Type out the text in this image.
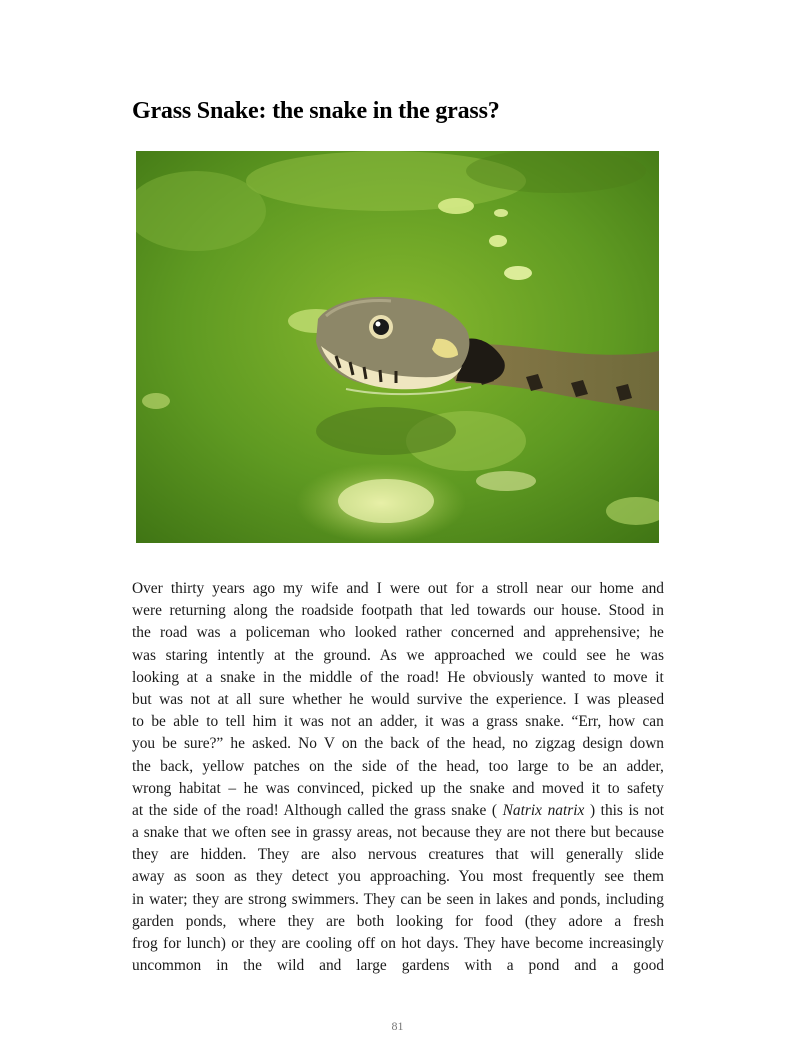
Grass Snake: the snake in the grass?
Over thirty years ago my wife and I were out for a stroll near our home and
were returning along the roadside footpath that led towards our house. Stood in
the road was a policeman who looked rather concerned and apprehensive; he
was staring intently at the ground. As we approached we could see he was
looking at a snake in the middle of the road! He obviously wanted to move it
but was not at all sure whether he would survive the experience. I was pleased
to be able to tell him it was not an adder, it was a grass snake. “Err, how can
you be sure?” he asked. No V on the back of the head, no zigzag design down
the back, yellow patches on the side of the head, too large to be an adder,
wrong habitat – he was convinced, picked up the snake and moved it to safety
at the side of the road! Although called the grass snake ( Natrix natrix ) this is not
a snake that we often see in grassy areas, not because they are not there but because
they are hidden. They are also nervous creatures that will generally slide
away as soon as they detect you approaching. You most frequently see them
in water; they are strong swimmers. They can be seen in lakes and ponds, including
garden ponds, where they are both looking for food (they adore a fresh
frog for lunch) or they are cooling off on hot days. They have become increasingly
uncommon in the wild and large gardens with a pond and a good
81
